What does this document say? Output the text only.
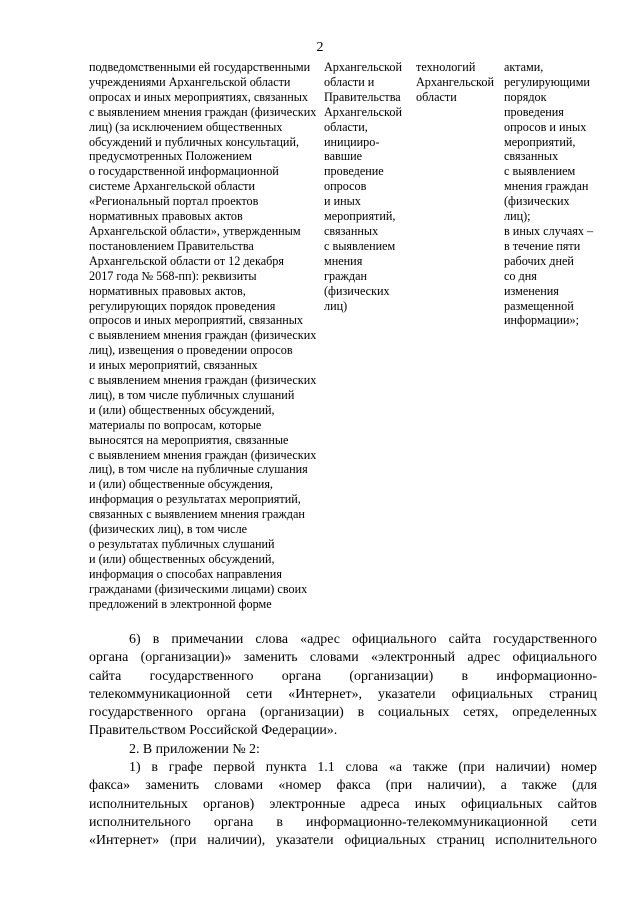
2
подведомственными ей государственными
учреждениями Архангельской области
опросах и иных мероприятиях, связанных
с выявлением мнения граждан (физических
лиц) (за исключением общественных
обсуждений и публичных консультаций,
предусмотренных Положением
о государственной информационной
системе Архангельской области
«Региональный портал проектов
нормативных правовых актов
Архангельской области», утвержденным
постановлением Правительства
Архангельской области от 12 декабря
2017 года № 568-пп): реквизиты
нормативных правовых актов,
регулирующих порядок проведения
опросов и иных мероприятий, связанных
с выявлением мнения граждан (физических
лиц), извещения о проведении опросов
и иных мероприятий, связанных
с выявлением мнения граждан (физических
лиц), в том числе публичных слушаний
и (или) общественных обсуждений,
материалы по вопросам, которые
выносятся на мероприятия, связанные
с выявлением мнения граждан (физических
лиц), в том числе на публичные слушания
и (или) общественные обсуждения,
информация о результатах мероприятий,
связанных с выявлением мнения граждан
(физических лиц), в том числе
о результатах публичных слушаний
и (или) общественных обсуждений,
информация о способах направления
гражданами (физическими лицами) своих
предложений в электронной форме
Архангельской
области и
Правительства
Архангельской
области,
иницииро-
вавшие
проведение
опросов
и иных
мероприятий,
связанных
с выявлением
мнения
граждан
(физических
лиц)
технологий
Архангельской
области
актами,
регулирующими
порядок
проведения
опросов и иных
мероприятий,
связанных
с выявлением
мнения граждан
(физических
лиц);
в иных случаях –
в течение пяти
рабочих дней
со дня
изменения
размещенной
информации»;
6) в примечании слова «адрес официального сайта государственного
органа (организации)» заменить словами «электронный адрес официального
сайта государственного органа (организации) в информационно-
телекоммуникационной сети «Интернет», указатели официальных страниц
государственного органа (организации) в социальных сетях, определенных
Правительством Российской Федерации».
2. В приложении № 2:
1) в графе первой пункта 1.1 слова «а также (при наличии) номер
факса» заменить словами «номер факса (при наличии), а также (для
исполнительных органов) электронные адреса иных официальных сайтов
исполнительного органа в информационно-телекоммуникационной сети
«Интернет» (при наличии), указатели официальных страниц исполнительного
